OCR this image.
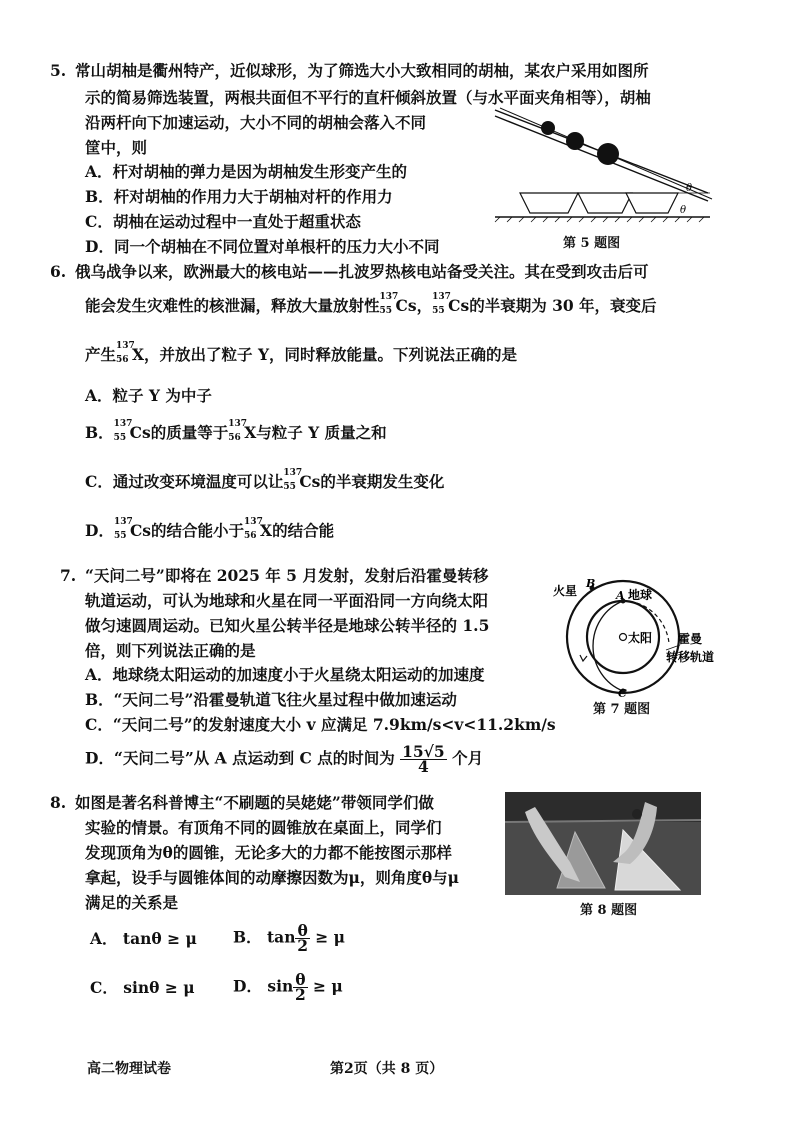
5. 常山胡柚是衢州特产，近似球形，为了筛选大小大致相同的胡柚，某农户采用如图所
示的简易筛选装置，两根共面但不平行的直杆倾斜放置（与水平面夹角相等），胡柚
沿两杆向下加速运动，大小不同的胡柚会落入不同
筐中，则
A．杆对胡柚的弹力是因为胡柚发生形变产生的
B．杆对胡柚的作用力大于胡柚对杆的作用力
C．胡柚在运动过程中一直处于超重状态
D．同一个胡柚在不同位置对单根杆的压力大小不同
θ
θ
第 5 题图
6. 俄乌战争以来，欧洲最大的核电站——扎波罗热核电站备受关注。其在受到攻击后可
能会发生灾难性的核泄漏，释放大量放射性 137
55 Cs， 137
55 Cs的半衰期为 30 年，衰变后
产生 137
56 X，并放出了粒子 Y，同时释放能量。下列说法正确的是
A．粒子 Y 为中子
B． 137
55 Cs的质量等于 137
56 X与粒子 Y 质量之和
C．通过改变环境温度可以让 137
55 Cs的半衰期发生变化
D． 137
55 Cs的结合能小于 137
56 X的结合能
7. “天问二号”即将在 2025 年 5 月发射，发射后沿霍曼转移
轨道运动，可认为地球和火星在同一平面沿同一方向绕太阳
做匀速圆周运动。已知火星公转半径是地球公转半径的 1.5
倍，则下列说法正确的是
A．地球绕太阳运动的加速度小于火星绕太阳运动的加速度
B．“天问二号”沿霍曼轨道飞往火星过程中做加速运动
C．“天问二号”的发射速度大小 v 应满足 7.9km/s<v<11.2km/s
D．“天问二号”从 A 点运动到 C 点的时间为 $\frac{15√5}{4}$ 个月
火星
B
A 地球
太阳 霍曼
转移轨道
C
第 7 题图
8. 如图是著名科普博主“不刷题的吴姥姥”带领同学们做
实验的情景。有顶角不同的圆锥放在桌面上，同学们
发现顶角为θ的圆锥，无论多大的力都不能按图示那样
拿起，设手与圆锥体间的动摩擦因数为μ，则角度θ与μ
满足的关系是	第 8 题图
A． tanθ ≥ μ B． $\tan \frac{\theta}{2} \ge \mu$
C． sinθ ≥ μ D． $\sin \frac{\theta}{2} \ge \mu$
高二物理试卷	第2页（共 8 页）
